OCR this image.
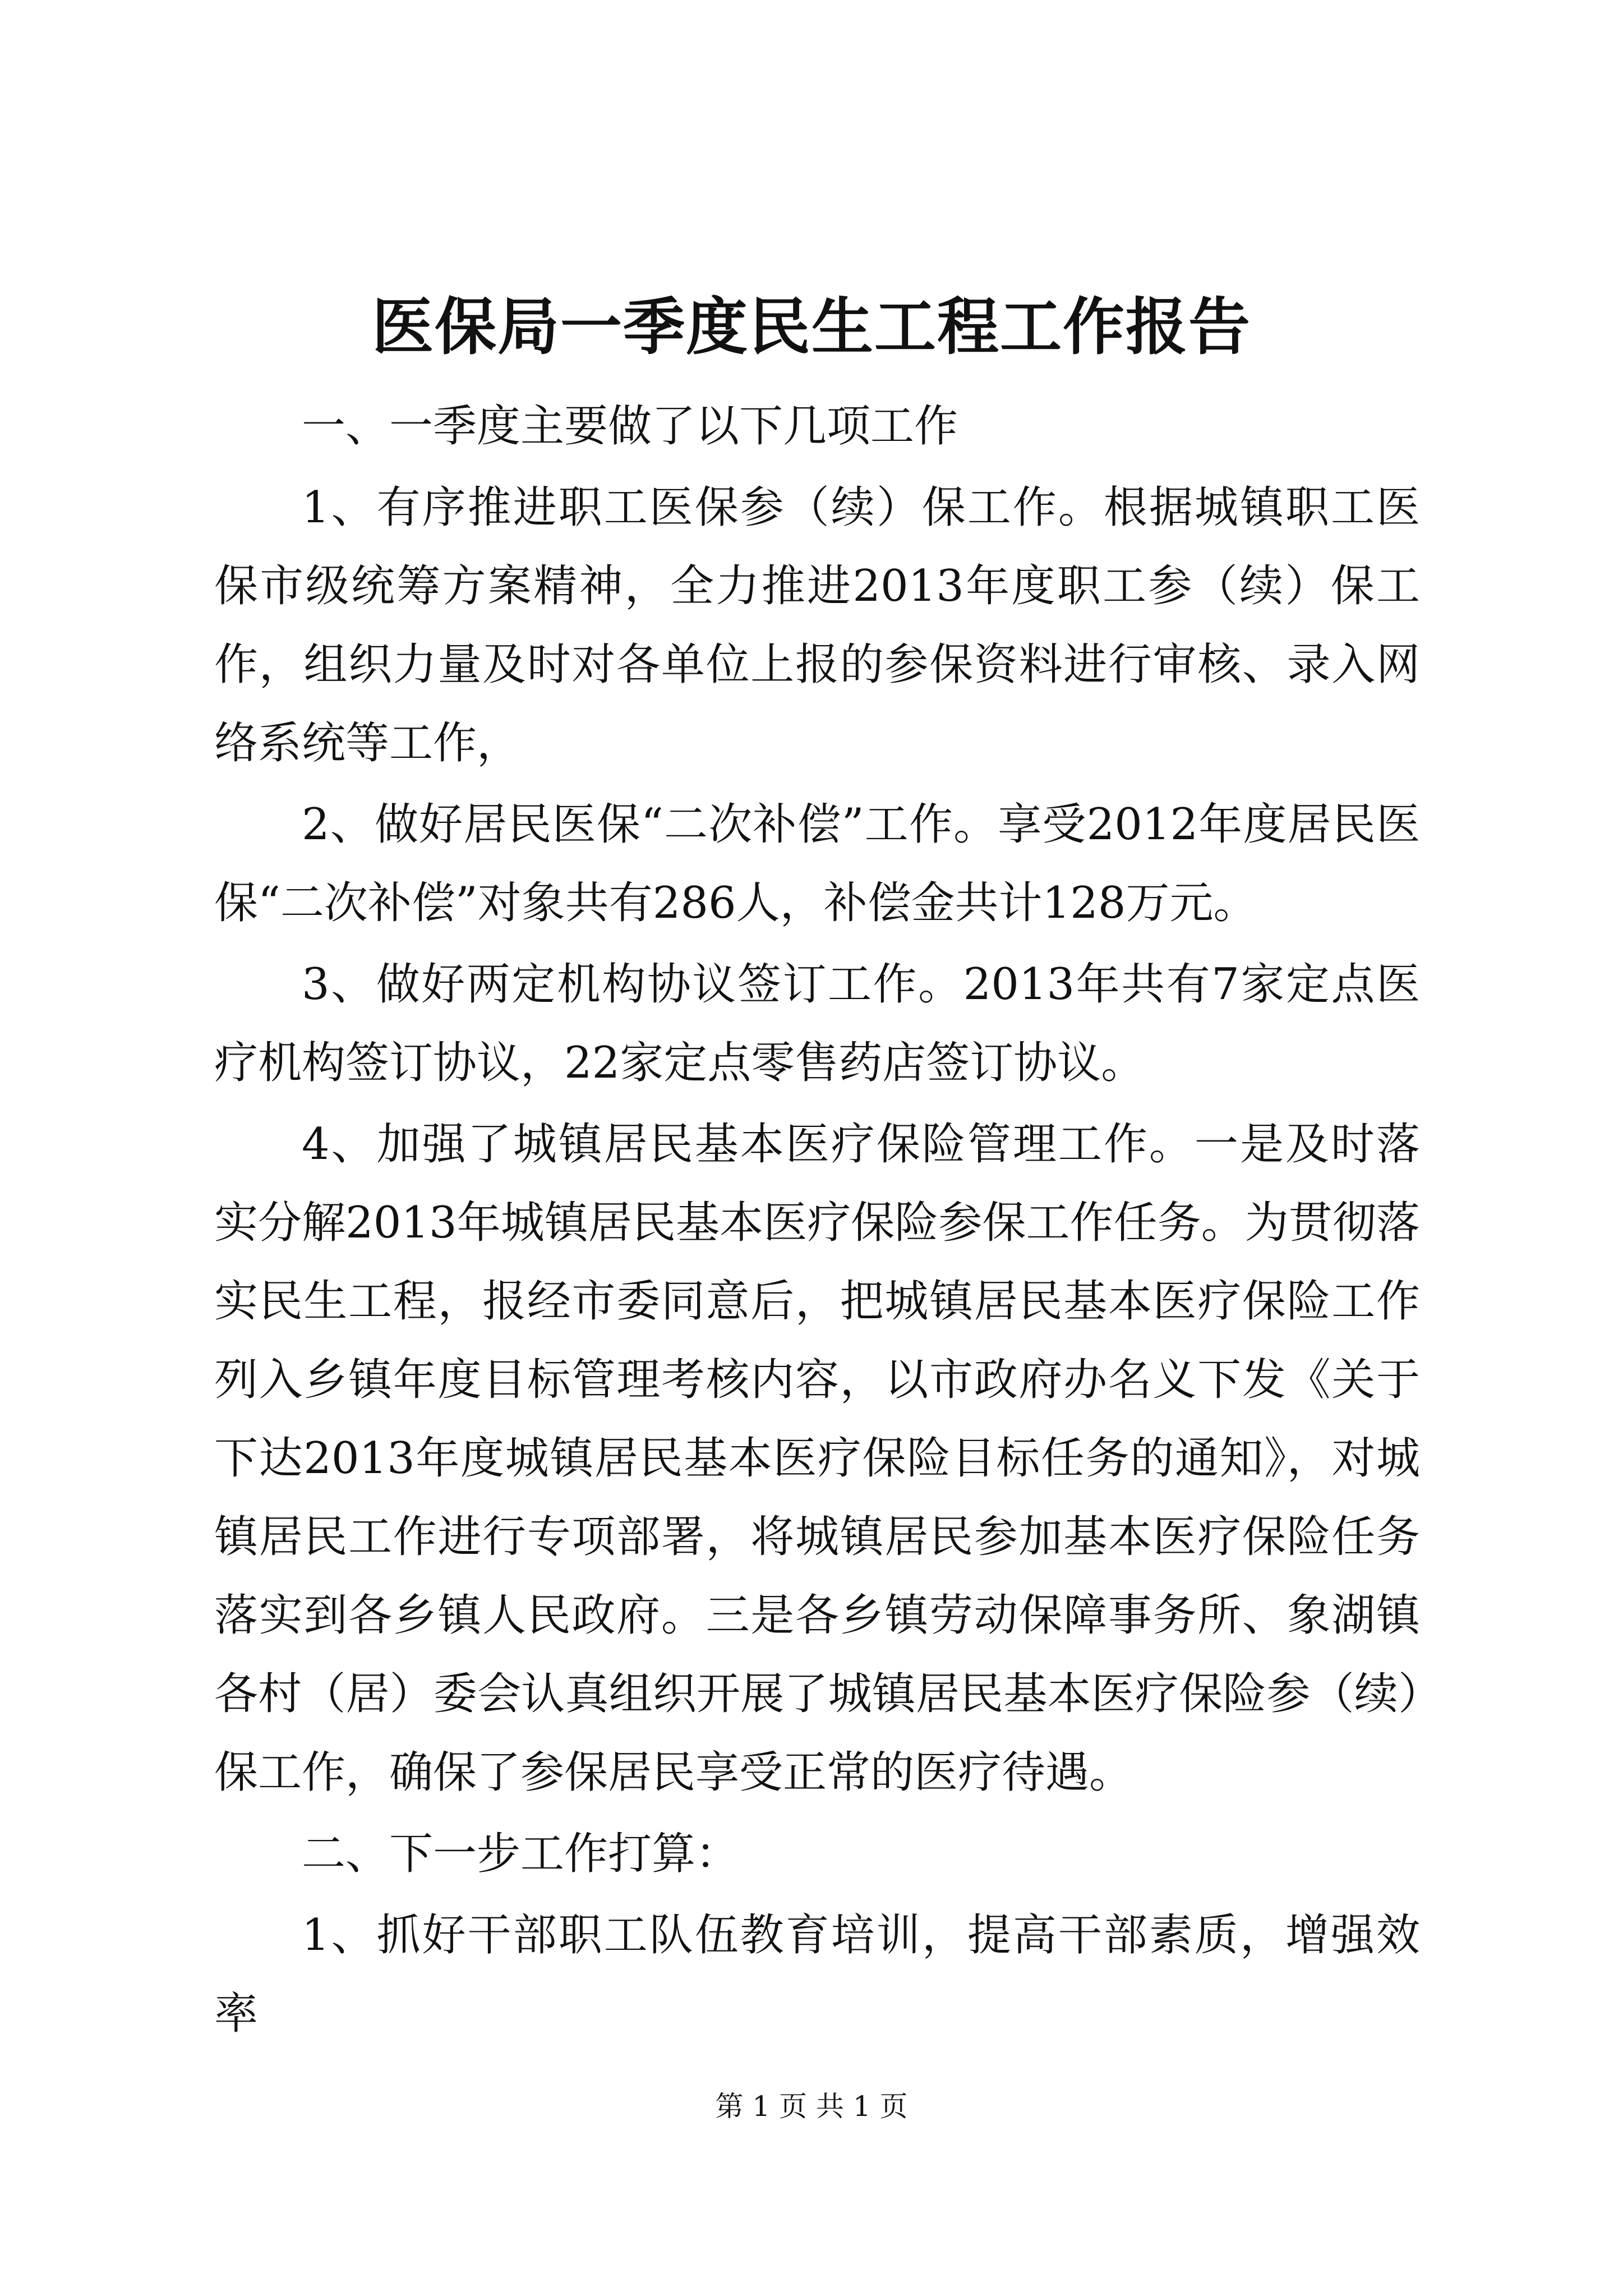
医保局一季度民生工程工作报告

一、一季度主要做了以下几项工作

1、有序推进职工医保参（续）保工作。根据城镇职工医保市级统筹方案精神，全力推进2013年度职工参（续）保工作，组织力量及时对各单位上报的参保资料进行审核、录入网络系统等工作，

2、做好居民医保“二次补偿”工作。享受2012年度居民医保“二次补偿”对象共有286人，补偿金共计128万元。

3、做好两定机构协议签订工作。2013年共有7家定点医疗机构签订协议，22家定点零售药店签订协议。

4、加强了城镇居民基本医疗保险管理工作。一是及时落实分解2013年城镇居民基本医疗保险参保工作任务。为贯彻落实民生工程，报经市委同意后，把城镇居民基本医疗保险工作列入乡镇年度目标管理考核内容，以市政府办名义下发《关于下达2013年度城镇居民基本医疗保险目标任务的通知》，对城镇居民工作进行专项部署，将城镇居民参加基本医疗保险任务落实到各乡镇人民政府。三是各乡镇劳动保障事务所、象湖镇各村（居）委会认真组织开展了城镇居民基本医疗保险参（续）保工作，确保了参保居民享受正常的医疗待遇。

二、下一步工作打算：

1、抓好干部职工队伍教育培训，提高干部素质，增强效率

第 1 页 共 1 页
